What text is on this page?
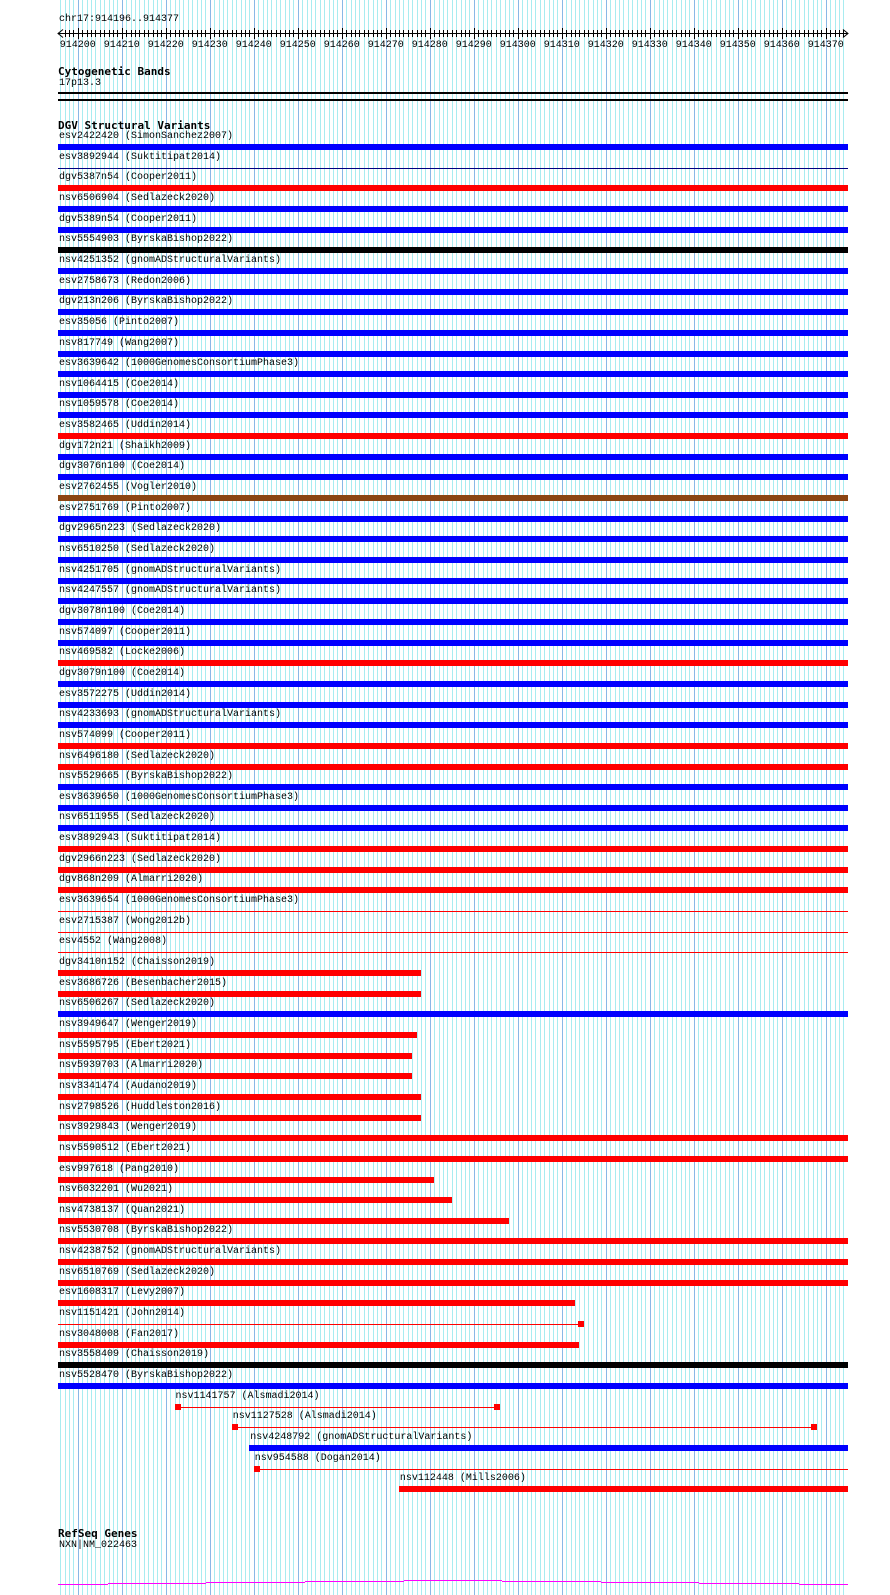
chr17:914196..914377
914200 914210 914220 914230 914240 914250 914260 914270 914280 914290 914300 914310 914320 914330 914340 914350 914360 914370
Cytogenetic Bands
17p13.3
DGV Structural Variants
esv2422420 (SimonSanchez2007)
esv3892944 (Suktitipat2014)
dgv5387n54 (Cooper2011)
nsv6506904 (Sedlazeck2020)
dgv5389n54 (Cooper2011)
nsv5554903 (ByrskaBishop2022)
nsv4251352 (gnomADStructuralVariants)
esv2758673 (Redon2006)
dgv213n206 (ByrskaBishop2022)
esv35056 (Pinto2007)
nsv817749 (Wang2007)
esv3639642 (1000GenomesConsortiumPhase3)
nsv1064415 (Coe2014)
nsv1059578 (Coe2014)
esv3582465 (Uddin2014)
dgv172n21 (Shaikh2009)
dgv3076n100 (Coe2014)
esv2762455 (Vogler2010)
esv2751769 (Pinto2007)
dgv2965n223 (Sedlazeck2020)
nsv6510250 (Sedlazeck2020)
nsv4251705 (gnomADStructuralVariants)
nsv4247557 (gnomADStructuralVariants)
dgv3078n100 (Coe2014)
nsv574097 (Cooper2011)
nsv469582 (Locke2006)
dgv3079n100 (Coe2014)
esv3572275 (Uddin2014)
nsv4233693 (gnomADStructuralVariants)
nsv574099 (Cooper2011)
nsv6496180 (Sedlazeck2020)
nsv5529665 (ByrskaBishop2022)
esv3639650 (1000GenomesConsortiumPhase3)
nsv6511955 (Sedlazeck2020)
esv3892943 (Suktitipat2014)
dgv2966n223 (Sedlazeck2020)
dgv868n209 (Almarri2020)
esv3639654 (1000GenomesConsortiumPhase3)
esv2715387 (Wong2012b)
esv4552 (Wang2008)
dgv3410n152 (Chaisson2019)
esv3686726 (Besenbacher2015)
nsv6506267 (Sedlazeck2020)
nsv3949647 (Wenger2019)
nsv5595795 (Ebert2021)
nsv5939703 (Almarri2020)
nsv3341474 (Audano2019)
nsv2798526 (Huddleston2016)
nsv3929843 (Wenger2019)
nsv5590512 (Ebert2021)
esv997618 (Pang2010)
nsv6032201 (Wu2021)
nsv4738137 (Quan2021)
nsv5530708 (ByrskaBishop2022)
nsv4238752 (gnomADStructuralVariants)
nsv6510769 (Sedlazeck2020)
esv1608317 (Levy2007)
nsv1151421 (John2014)
nsv3048008 (Fan2017)
nsv3558409 (Chaisson2019)
nsv5528470 (ByrskaBishop2022)
nsv1141757 (Alsmadi2014)
nsv1127528 (Alsmadi2014)
nsv4248792 (gnomADStructuralVariants)
nsv954588 (Dogan2014)
nsv112448 (Mills2006)
RefSeq Genes
NXN|NM_022463
